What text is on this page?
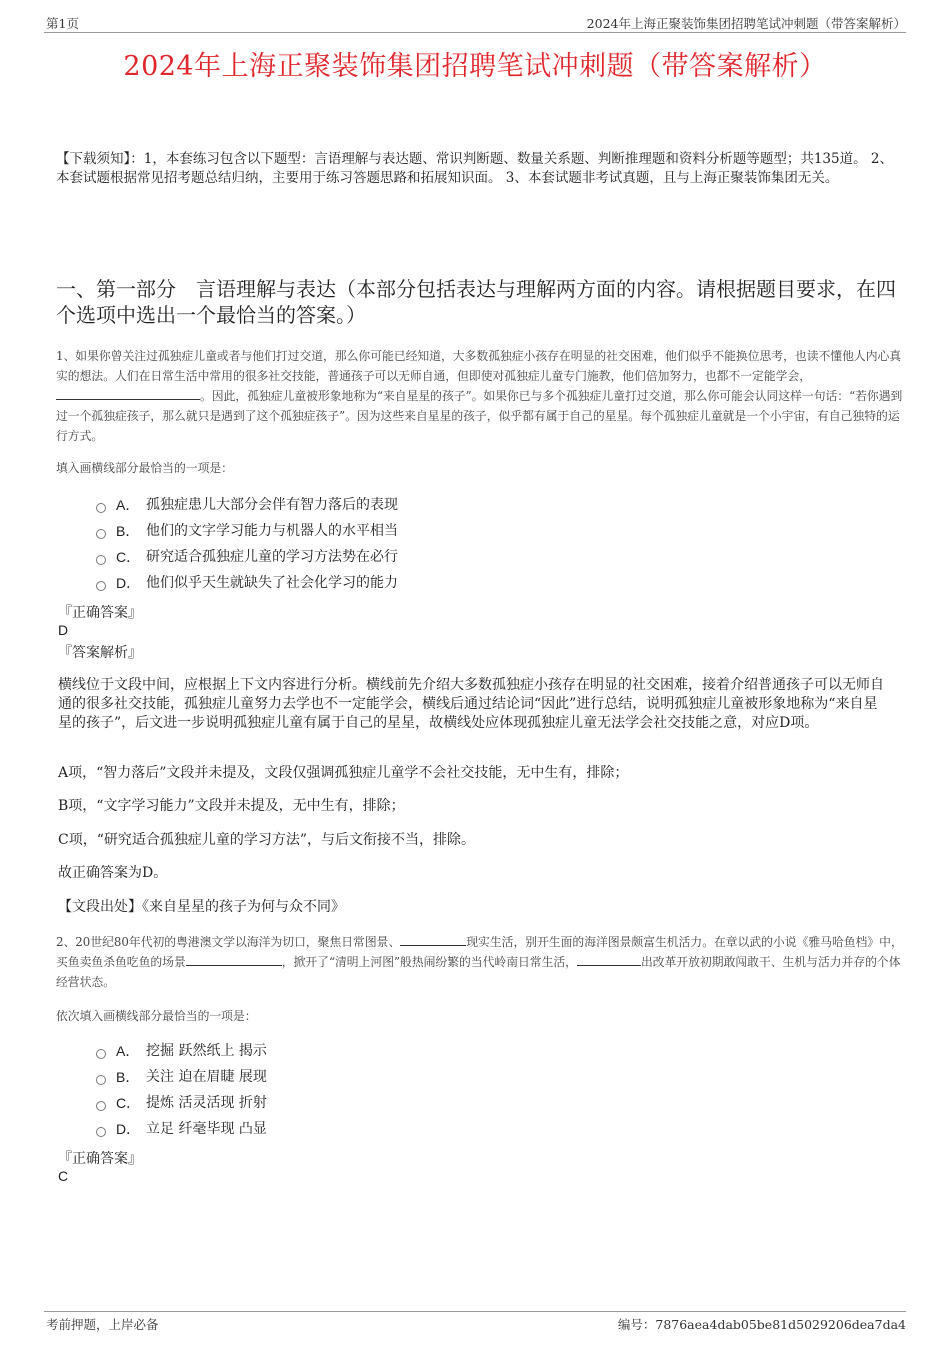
第1页	2024年上海正聚装饰集团招聘笔试冲刺题（带答案解析）
2024年上海正聚装饰集团招聘笔试冲刺题（带答案解析）
【下载须知】：1，本套练习包含以下题型：言语理解与表达题、常识判断题、数量关系题、判断推理题和资料分析题等题型；共135道。 2、本套试题根据常见招考题总结归纳，主要用于练习答题思路和拓展知识面。 3、本套试题非考试真题，且与上海正聚装饰集团无关。
一、第一部分　言语理解与表达（本部分包括表达与理解两方面的内容。请根据题目要求，在四个选项中选出一个最恰当的答案。）
1、如果你曾关注过孤独症儿童或者与他们打过交道，那么你可能已经知道，大多数孤独症小孩存在明显的社交困难，他们似乎不能换位思考，也读不懂他人内心真实的想法。人们在日常生活中常用的很多社交技能，普通孩子可以无师自通，但即使对孤独症儿童专门施教，他们倍加努力，也都不一定能学会，。因此，孤独症儿童被形象地称为“来自星星的孩子”。如果你已与多个孤独症儿童打过交道，那么你可能会认同这样一句话：“若你遇到过一个孤独症孩子，那么就只是遇到了这个孤独症孩子”。因为这些来自星星的孩子，似乎都有属于自己的星星。每个孤独症儿童就是一个小宇宙，有自己独特的运行方式。
填入画横线部分最恰当的一项是：
A． 孤独症患儿大部分会伴有智力落后的表现
B． 他们的文字学习能力与机器人的水平相当
C． 研究适合孤独症儿童的学习方法势在必行
D． 他们似乎天生就缺失了社会化学习的能力
『正确答案』
D
『答案解析』
横线位于文段中间，应根据上下文内容进行分析。横线前先介绍大多数孤独症小孩存在明显的社交困难，接着介绍普通孩子可以无师自通的很多社交技能，孤独症儿童努力去学也不一定能学会，横线后通过结论词“因此”进行总结，说明孤独症儿童被形象地称为“来自星星的孩子”，后文进一步说明孤独症儿童有属于自己的星星，故横线处应体现孤独症儿童无法学会社交技能之意，对应D项。
A项，“智力落后”文段并未提及，文段仅强调孤独症儿童学不会社交技能，无中生有，排除；
B项，“文字学习能力”文段并未提及，无中生有，排除；
C项，“研究适合孤独症儿童的学习方法”，与后文衔接不当，排除。
故正确答案为D。
【文段出处】《来自星星的孩子为何与众不同》
2、20世纪80年代初的粤港澳文学以海洋为切口，聚焦日常图景、	现实生活，别开生面的海洋图景颇富生机活力。在章以武的小说《雅马哈鱼档》中，买鱼卖鱼杀鱼吃鱼的场景	，掀开了“清明上河图”般热闹纷繁的当代岭南日常生活，	出改革开放初期敢闯敢干、生机与活力并存的个体经营状态。
依次填入画横线部分最恰当的一项是：
A． 挖掘 跃然纸上 揭示
B． 关注 迫在眉睫 展现
C． 提炼 活灵活现 折射
D． 立足 纤毫毕现 凸显
『正确答案』
C
考前押题，上岸必备	编号：7876aea4dab05be81d5029206dea7da4
